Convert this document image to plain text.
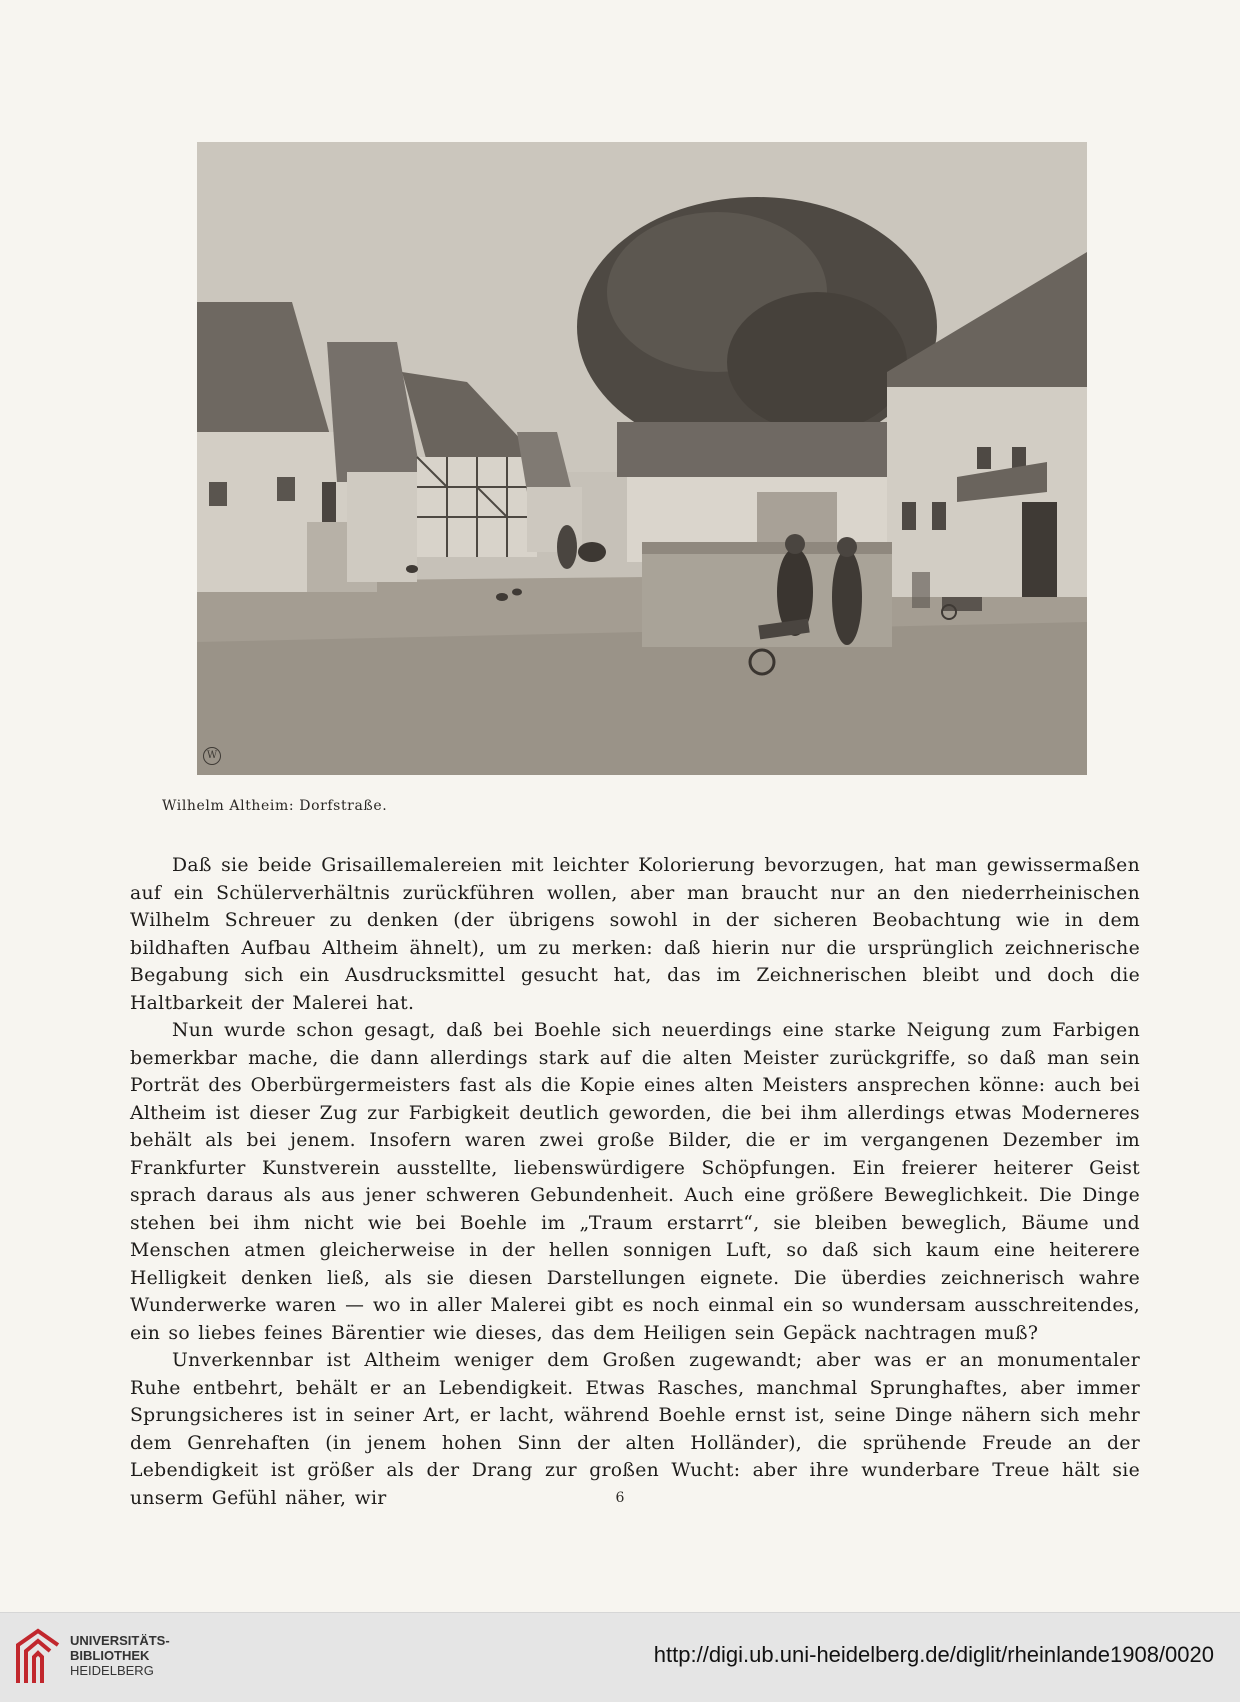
W
Wilhelm Altheim: Dorfstraße.

Daß sie beide Grisaillemalereien mit leichter Kolorierung bevorzugen, hat man gewissermaßen auf ein Schülerverhältnis zurückführen wollen, aber man braucht nur an den niederrheinischen Wilhelm Schreuer zu denken (der übrigens sowohl in der sicheren Beobachtung wie in dem bildhaften Aufbau Altheim ähnelt), um zu merken: daß hierin nur die ursprünglich zeichnerische Begabung sich ein Ausdrucksmittel gesucht hat, das im Zeichnerischen bleibt und doch die Haltbarkeit der Malerei hat.

Nun wurde schon gesagt, daß bei Boehle sich neuerdings eine starke Neigung zum Farbigen bemerkbar mache, die dann allerdings stark auf die alten Meister zurückgriffe, so daß man sein Porträt des Oberbürgermeisters fast als die Kopie eines alten Meisters ansprechen könne: auch bei Altheim ist dieser Zug zur Farbigkeit deutlich geworden, die bei ihm allerdings etwas Moderneres behält als bei jenem. Insofern waren zwei große Bilder, die er im vergangenen Dezember im Frankfurter Kunstverein ausstellte, liebenswürdigere Schöpfungen. Ein freierer heiterer Geist sprach daraus als aus jener schweren Gebundenheit. Auch eine größere Beweglichkeit. Die Dinge stehen bei ihm nicht wie bei Boehle im „Traum erstarrt“, sie bleiben beweglich, Bäume und Menschen atmen gleicherweise in der hellen sonnigen Luft, so daß sich kaum eine heiterere Helligkeit denken ließ, als sie diesen Darstellungen eignete. Die überdies zeichnerisch wahre Wunderwerke waren — wo in aller Malerei gibt es noch einmal ein so wundersam ausschreitendes, ein so liebes feines Bärentier wie dieses, das dem Heiligen sein Gepäck nachtragen muß?

Unverkennbar ist Altheim weniger dem Großen zugewandt; aber was er an monumentaler Ruhe entbehrt, behält er an Lebendigkeit. Etwas Rasches, manchmal Sprunghaftes, aber immer Sprungsicheres ist in seiner Art, er lacht, während Boehle ernst ist, seine Dinge nähern sich mehr dem Genrehaften (in jenem hohen Sinn der alten Holländer), die sprühende Freude an der Lebendigkeit ist größer als der Drang zur großen Wucht: aber ihre wunderbare Treue hält sie unserm Gefühl näher, wir	6
UNIVERSITÄTS-
BIBLIOTHEK
HEIDELBERG
http://digi.ub.uni-heidelberg.de/diglit/rheinlande1908/0020
